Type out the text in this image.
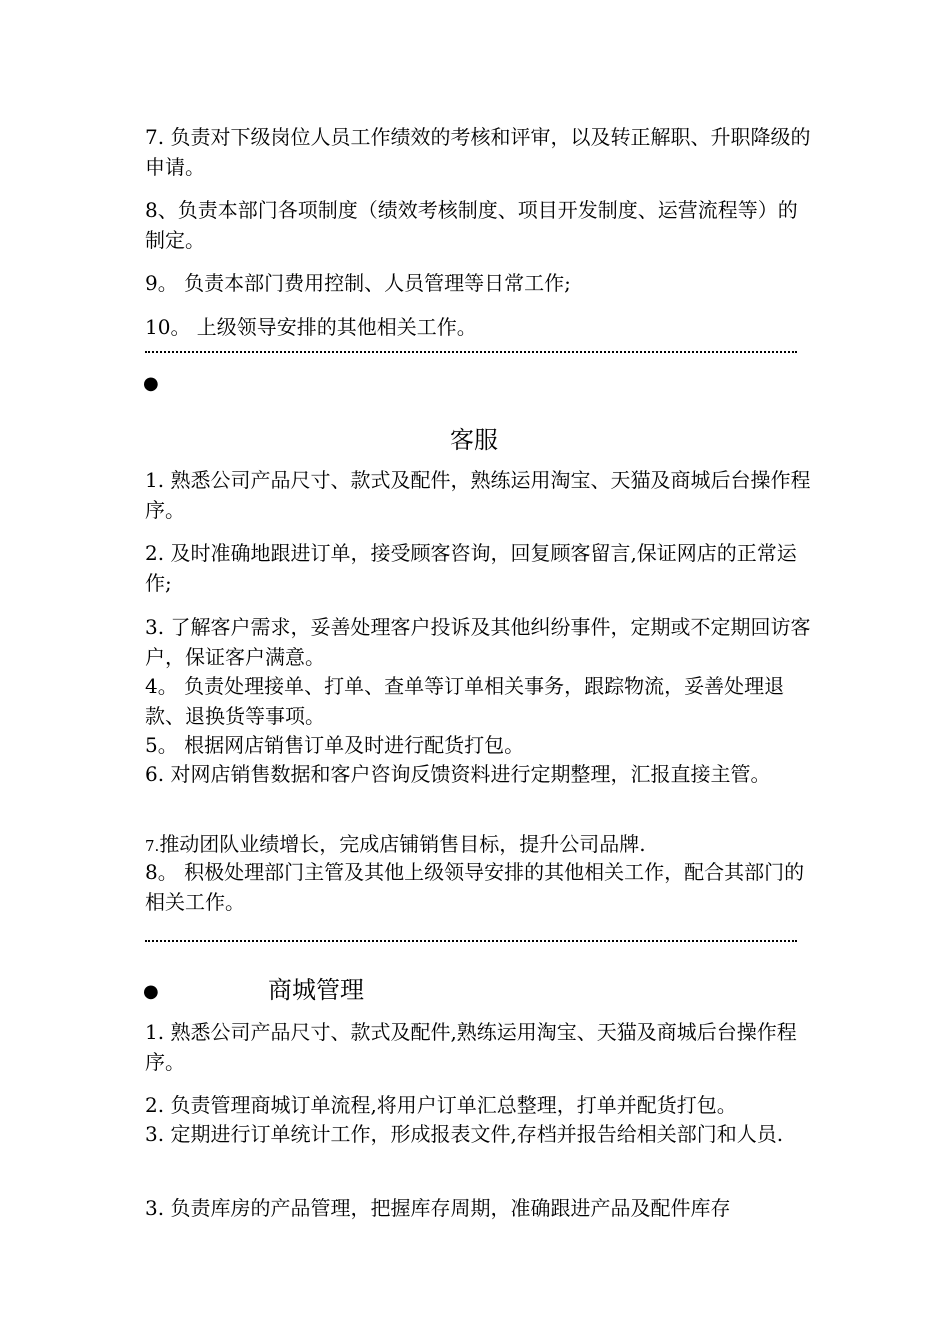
7. 负责对下级岗位人员工作绩效的考核和评审，以及转正解职、升职降级的申请。

8、负责本部门各项制度（绩效考核制度、项目开发制度、运营流程等）的制定。

9。 负责本部门费用控制、人员管理等日常工作;

10。 上级领导安排的其他相关工作。

●
客服

1. 熟悉公司产品尺寸、款式及配件，熟练运用淘宝、天猫及商城后台操作程序。

2. 及时准确地跟进订单，接受顾客咨询，回复顾客留言,保证网店的正常运作;

3. 了解客户需求，妥善处理客户投诉及其他纠纷事件，定期或不定期回访客户，保证客户满意。

4。 负责处理接单、打单、查单等订单相关事务，跟踪物流，妥善处理退款、退换货等事项。

5。 根据网店销售订单及时进行配货打包。

6. 对网店销售数据和客户咨询反馈资料进行定期整理，汇报直接主管。

7.推动团队业绩增长，完成店铺销售目标，提升公司品牌.

8。 积极处理部门主管及其他上级领导安排的其他相关工作，配合其部门的相关工作。

●	商城管理

1. 熟悉公司产品尺寸、款式及配件,熟练运用淘宝、天猫及商城后台操作程序。

2. 负责管理商城订单流程,将用户订单汇总整理，打单并配货打包。

3. 定期进行订单统计工作，形成报表文件,存档并报告给相关部门和人员.

3. 负责库房的产品管理，把握库存周期，准确跟进产品及配件库存
